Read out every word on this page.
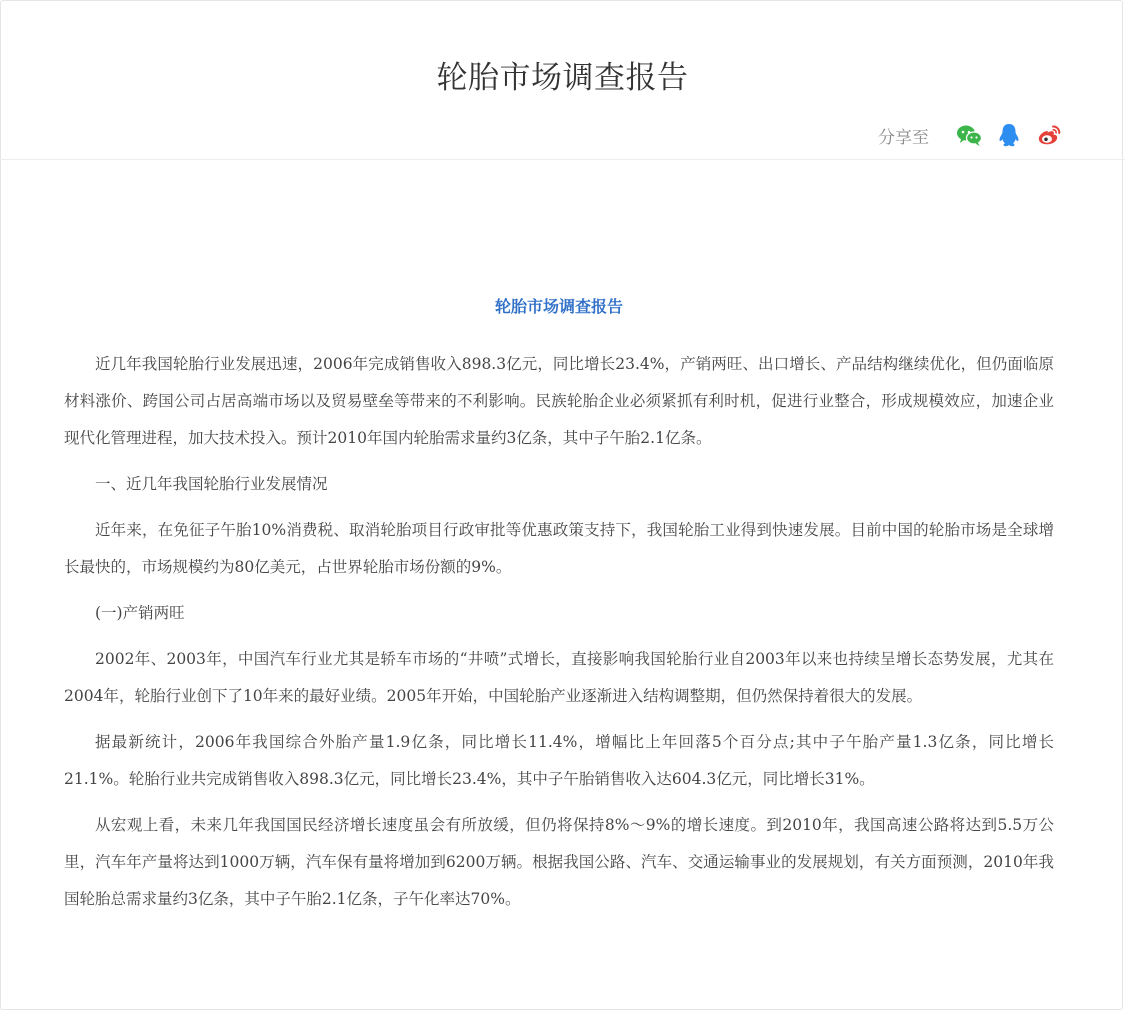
轮胎市场调查报告
分享至
轮胎市场调查报告

近几年我国轮胎行业发展迅速，2006年完成销售收入898.3亿元，同比增长23.4%，产销两旺、出口增长、产品结构继续优化，但仍面临原材料涨价、跨国公司占居高端市场以及贸易壁垒等带来的不利影响。民族轮胎企业必须紧抓有利时机，促进行业整合，形成规模效应，加速企业现代化管理进程，加大技术投入。预计2010年国内轮胎需求量约3亿条，其中子午胎2.1亿条。

一、近几年我国轮胎行业发展情况

近年来，在免征子午胎10%消费税、取消轮胎项目行政审批等优惠政策支持下，我国轮胎工业得到快速发展。目前中国的轮胎市场是全球增长最快的，市场规模约为80亿美元，占世界轮胎市场份额的9%。

(一)产销两旺

2002年、2003年，中国汽车行业尤其是轿车市场的“井喷”式增长，直接影响我国轮胎行业自2003年以来也持续呈增长态势发展，尤其在2004年，轮胎行业创下了10年来的最好业绩。2005年开始，中国轮胎产业逐渐进入结构调整期，但仍然保持着很大的发展。

据最新统计，2006年我国综合外胎产量1.9亿条，同比增长11.4%，增幅比上年回落5个百分点;其中子午胎产量1.3亿条，同比增长21.1%。轮胎行业共完成销售收入898.3亿元，同比增长23.4%，其中子午胎销售收入达604.3亿元，同比增长31%。

从宏观上看，未来几年我国国民经济增长速度虽会有所放缓，但仍将保持8%～9%的增长速度。到2010年，我国高速公路将达到5.5万公里，汽车年产量将达到1000万辆，汽车保有量将增加到6200万辆。根据我国公路、汽车、交通运输事业的发展规划，有关方面预测，2010年我国轮胎总需求量约3亿条，其中子午胎2.1亿条，子午化率达70%。
